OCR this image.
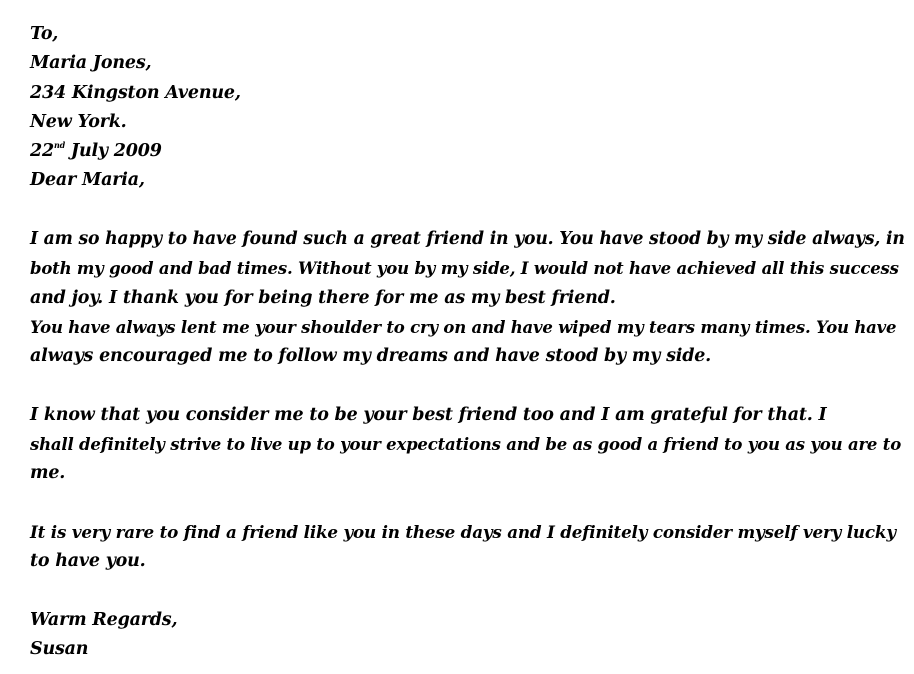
To,
Maria Jones,
234 Kingston Avenue,
New York.
22nd July 2009
Dear Maria,
I am so happy to have found such a great friend in you. You have stood by my side always, in
both my good and bad times. Without you by my side, I would not have achieved all this success
and joy. I thank you for being there for me as my best friend.
You have always lent me your shoulder to cry on and have wiped my tears many times. You have
always encouraged me to follow my dreams and have stood by my side.
I know that you consider me to be your best friend too and I am grateful for that. I
shall definitely strive to live up to your expectations and be as good a friend to you as you are to
me.
It is very rare to find a friend like you in these days and I definitely consider myself very lucky
to have you.
Warm Regards,
Susan
